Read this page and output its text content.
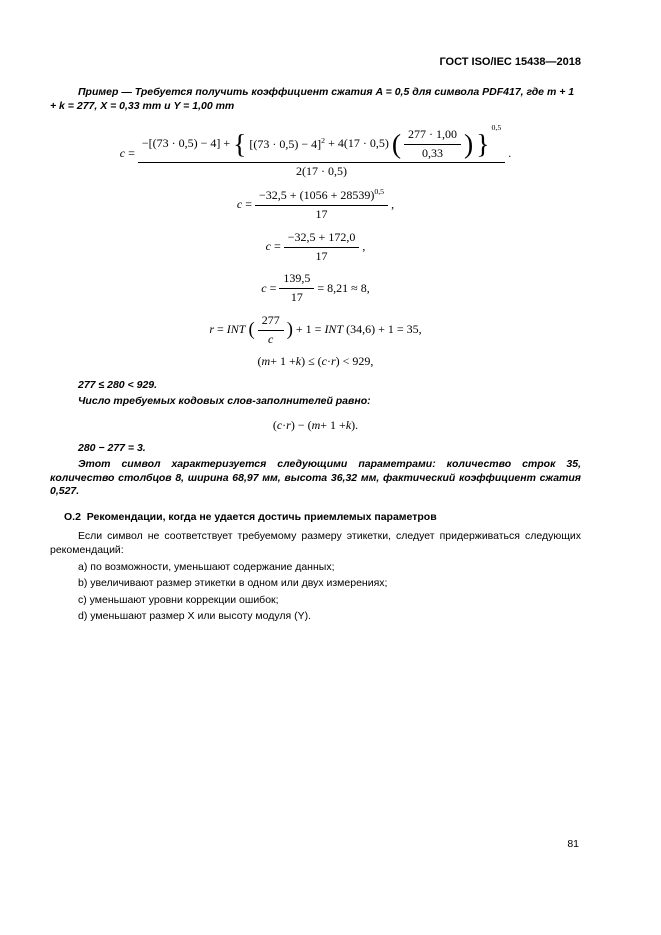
ГОСТ ISO/IEC 15438—2018

Пример — Требуется получить коэффициент сжатия A = 0,5 для символа PDF417, где m + 1 + k = 277, X = 0,33 mm и Y = 1,00 mm

c =
−[(73 · 0,5) − 4] + { $[(73 \cdot 0,5) - 4]^2 + 4(17 \cdot 0,5)$ ( $\frac{277 \cdot 1,00}{0,33}$ ) }
$^{0,5}$
2(17 · 0,5)
.
$c = \frac{-32,5 + (1056 + 28539)^{0,5}}{17}$ ,
$c = \frac{-32,5 + 172,0}{17}$ ,
$c = \frac{139,5}{17} = 8,21 \approx 8$,
r = INT ( $\frac{277}{c}$ ) + 1 = INT (34,6) + 1 = 35,
( m + 1 + k ) ≤ ( c · r ) < 929,

277 ≤ 280 < 929.

Число требуемых кодовых слов-заполнителей равно:

( c · r ) − ( m + 1 + k ).

280 − 277 = 3.

Этот символ характеризуется следующими параметрами: количество строк 35, количество столбцов 8, ширина 68,97 мм, высота 36,32 мм, фактический коэффициент сжатия 0,527.

О.2 Рекомендации, когда не удается достичь приемлемых параметров

Если символ не соответствует требуемому размеру этикетки, следует придерживаться следующих рекомендаций:

a) по возможности, уменьшают содержание данных;

b) увеличивают размер этикетки в одном или двух измерениях;

c) уменьшают уровни коррекции ошибок;

d) уменьшают размер X или высоту модуля (Y).

81
